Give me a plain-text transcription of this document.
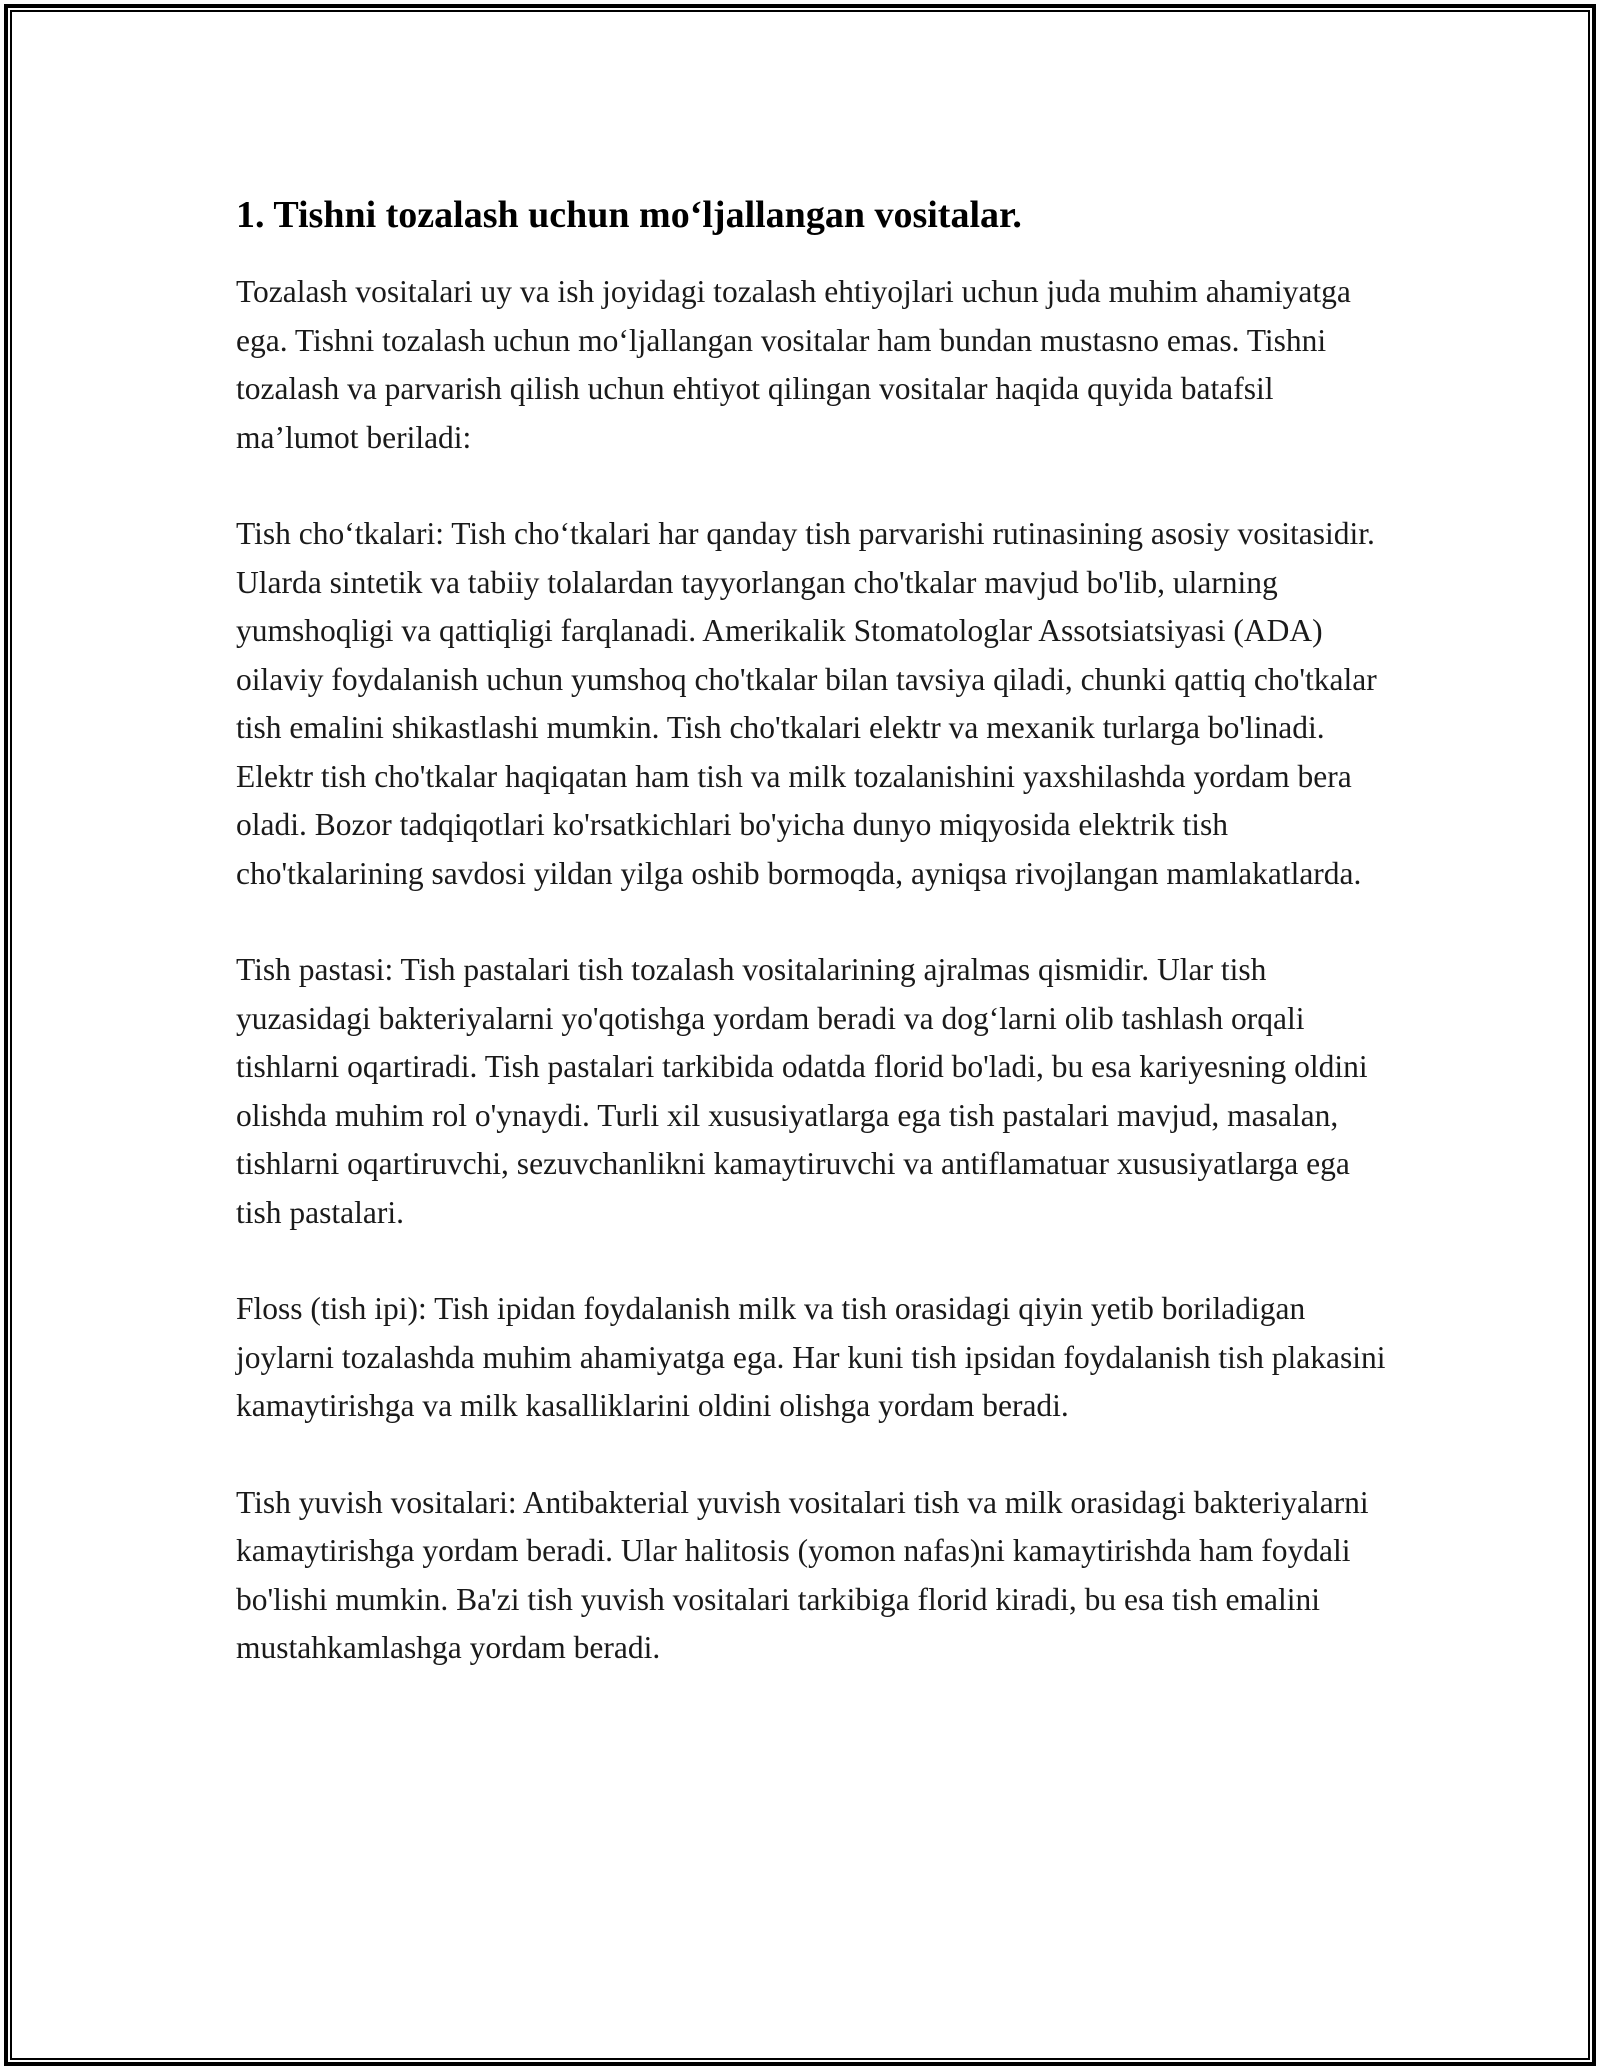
1. Tishni tozalash uchun mo‘ljallangan vositalar.

Tozalash vositalari uy va ish joyidagi tozalash ehtiyojlari uchun juda muhim ahamiyatga ega. Tishni tozalash uchun mo‘ljallangan vositalar ham bundan mustasno emas. Tishni tozalash va parvarish qilish uchun ehtiyot qilingan vositalar haqida quyida batafsil ma’lumot beriladi:

Tish cho‘tkalari: Tish cho‘tkalari har qanday tish parvarishi rutinasining asosiy vositasidir. Ularda sintetik va tabiiy tolalardan tayyorlangan cho'tkalar mavjud bo'lib, ularning yumshoqligi va qattiqligi farqlanadi. Amerikalik Stomatologlar Assotsiatsiyasi (ADA) oilaviy foydalanish uchun yumshoq cho'tkalar bilan tavsiya qiladi, chunki qattiq cho'tkalar tish emalini shikastlashi mumkin. Tish cho'tkalari elektr va mexanik turlarga bo'linadi. Elektr tish cho'tkalar haqiqatan ham tish va milk tozalanishini yaxshilashda yordam bera oladi. Bozor tadqiqotlari ko'rsatkichlari bo'yicha dunyo miqyosida elektrik tish cho'tkalarining savdosi yildan yilga oshib bormoqda, ayniqsa rivojlangan mamlakatlarda.

Tish pastasi: Tish pastalari tish tozalash vositalarining ajralmas qismidir. Ular tish yuzasidagi bakteriyalarni yo'qotishga yordam beradi va dog‘larni olib tashlash orqali tishlarni oqartiradi. Tish pastalari tarkibida odatda florid bo'ladi, bu esa kariyesning oldini olishda muhim rol o'ynaydi. Turli xil xususiyatlarga ega tish pastalari mavjud, masalan, tishlarni oqartiruvchi, sezuvchanlikni kamaytiruvchi va antiflamatuar xususiyatlarga ega tish pastalari.

Floss (tish ipi): Tish ipidan foydalanish milk va tish orasidagi qiyin yetib boriladigan joylarni tozalashda muhim ahamiyatga ega. Har kuni tish ipsidan foydalanish tish plakasini kamaytirishga va milk kasalliklarini oldini olishga yordam beradi.

Tish yuvish vositalari: Antibakterial yuvish vositalari tish va milk orasidagi bakteriyalarni kamaytirishga yordam beradi. Ular halitosis (yomon nafas)ni kamaytirishda ham foydali bo'lishi mumkin. Ba'zi tish yuvish vositalari tarkibiga florid kiradi, bu esa tish emalini mustahkamlashga yordam beradi.
